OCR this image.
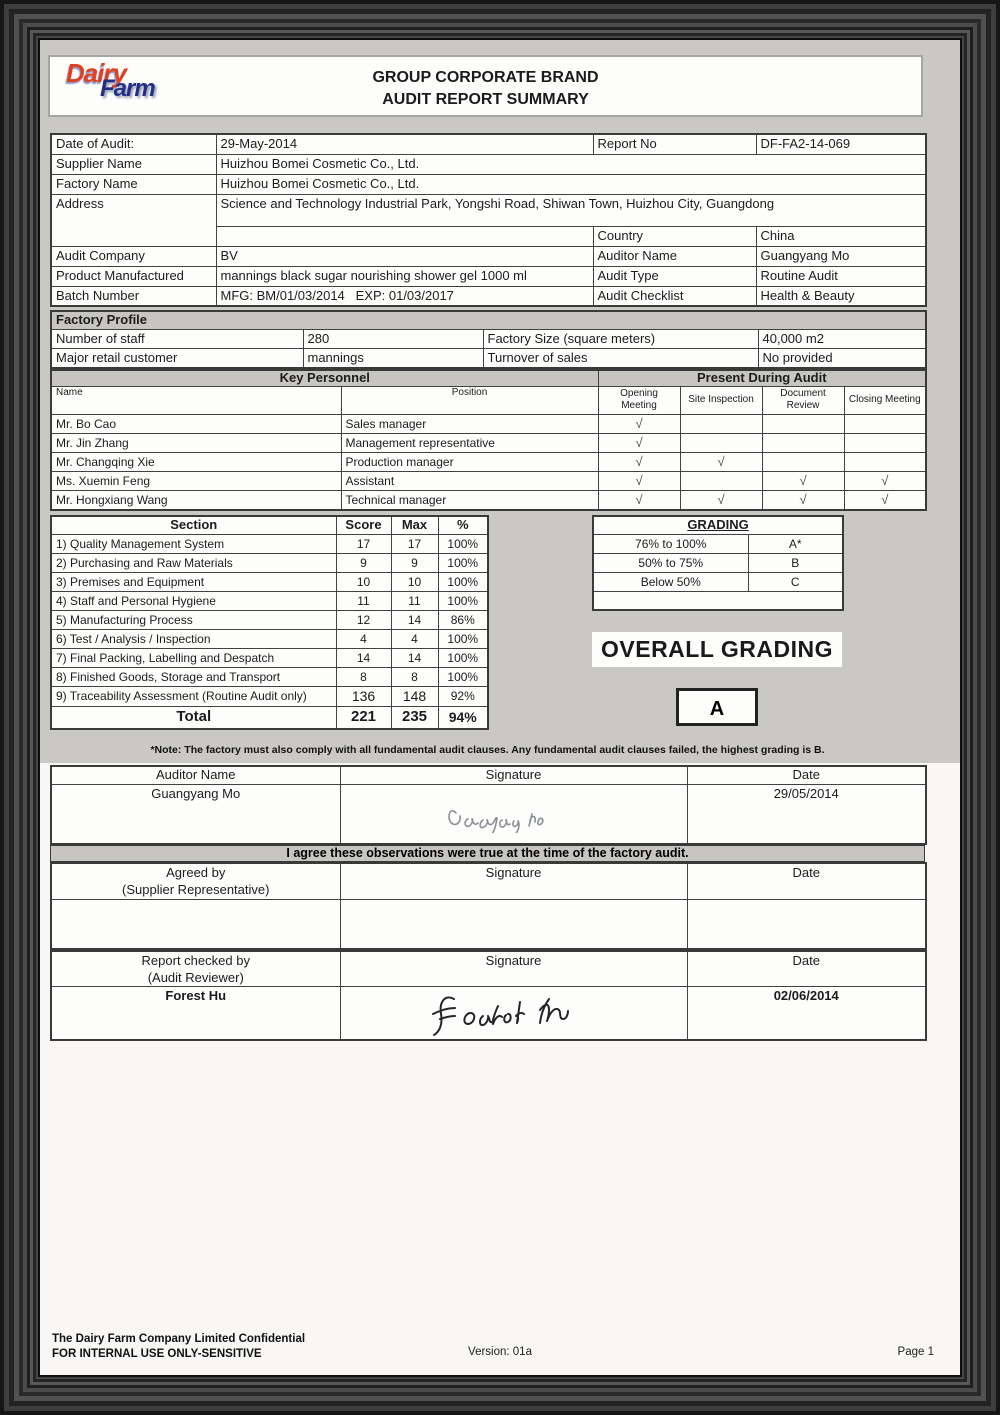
Dairy
Farm	GROUP CORPORATE BRAND
AUDIT REPORT SUMMARY
Date of Audit:	29-May-2014	Report No	DF-FA2-14-069
Supplier Name	Huizhou Bomei Cosmetic Co., Ltd.		
Factory Name	Huizhou Bomei Cosmetic Co., Ltd.		
Address	Science and Technology Industrial Park, Yongshi Road, Shiwan Town, Huizhou City, Guangdong		
		Country	China
Audit Company	BV	Auditor Name	Guangyang Mo
Product Manufactured	mannings black sugar nourishing shower gel 1000 ml	Audit Type	Routine Audit
Batch Number	MFG: BM/01/03/2014   EXP: 01/03/2017	Audit Checklist	Health & Beauty
Factory Profile			
Number of staff	280	Factory Size (square meters)	40,000 m2
Major retail customer	mannings	Turnover of sales	No provided
Key Personnel		Present During Audit			
Name	Position	Opening Meeting	Site Inspection	Document Review	Closing Meeting
Mr. Bo Cao	Sales manager	√			
Mr. Jin Zhang	Management representative	√			
Mr. Changqing Xie	Production manager	√	√		
Ms. Xuemin Feng	Assistant	√		√	√
Mr. Hongxiang Wang	Technical manager	√	√	√	√
Section	Score	Max	%
1) Quality Management System	17	17	100%
2) Purchasing and Raw Materials	9	9	100%
3) Premises and Equipment	10	10	100%
4) Staff and Personal Hygiene	11	11	100%
5) Manufacturing Process	12	14	86%
6) Test / Analysis / Inspection	4	4	100%
7) Final Packing, Labelling and Despatch	14	14	100%
8) Finished Goods, Storage and Transport	8	8	100%
9) Traceability Assessment (Routine Audit only)	136	148	92%
Total	221	235	94%
GRADING	
76% to 100%	A*
50% to 75%	B
Below 50%	C

OVERALL GRADING
A
*Note: The factory must also comply with all fundamental audit clauses. Any fundamental audit clauses failed, the highest grading is B.
Auditor Name	Signature	Date
Guangyang Mo		29/05/2014
I agree these observations were true at the time of the factory audit.
Agreed by
(Supplier Representative)	Signature	Date

Report checked by
(Audit Reviewer)	Signature	Date
Forest Hu		02/06/2014
The Dairy Farm Company Limited Confidential
FOR INTERNAL USE ONLY-SENSITIVE	Version: 01a	Page 1
